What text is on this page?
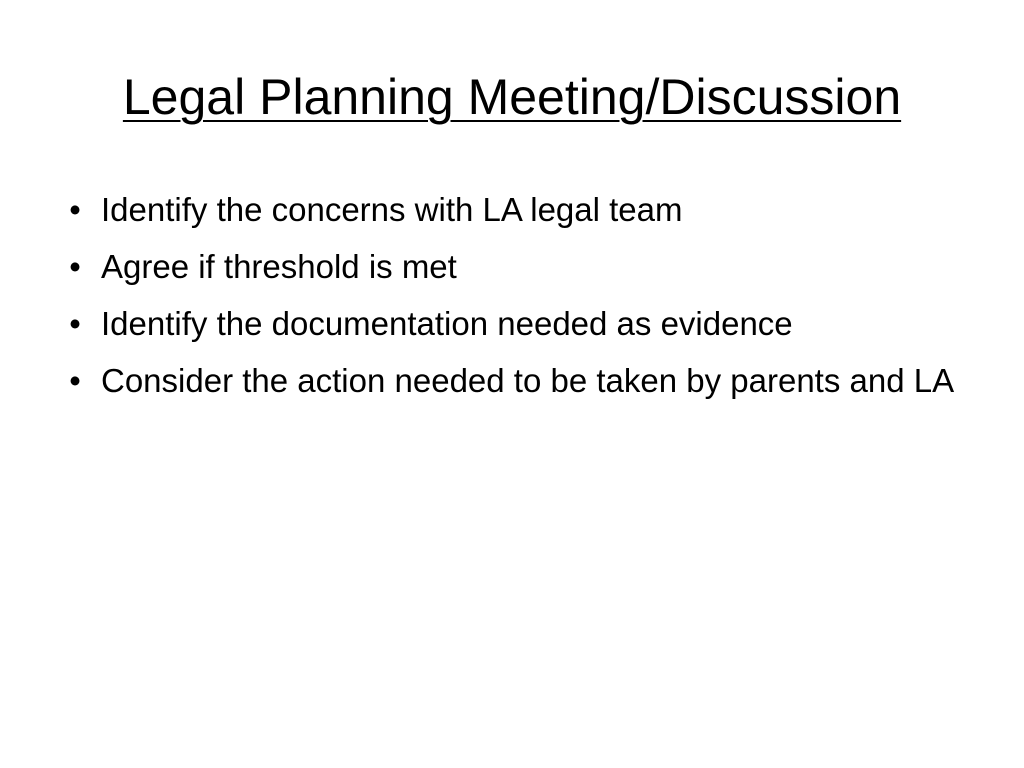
Legal Planning Meeting/Discussion
• Identify the concerns with LA legal team
• Agree if threshold is met
• Identify the documentation needed as evidence
• Consider the action needed to be taken by parents and LA
